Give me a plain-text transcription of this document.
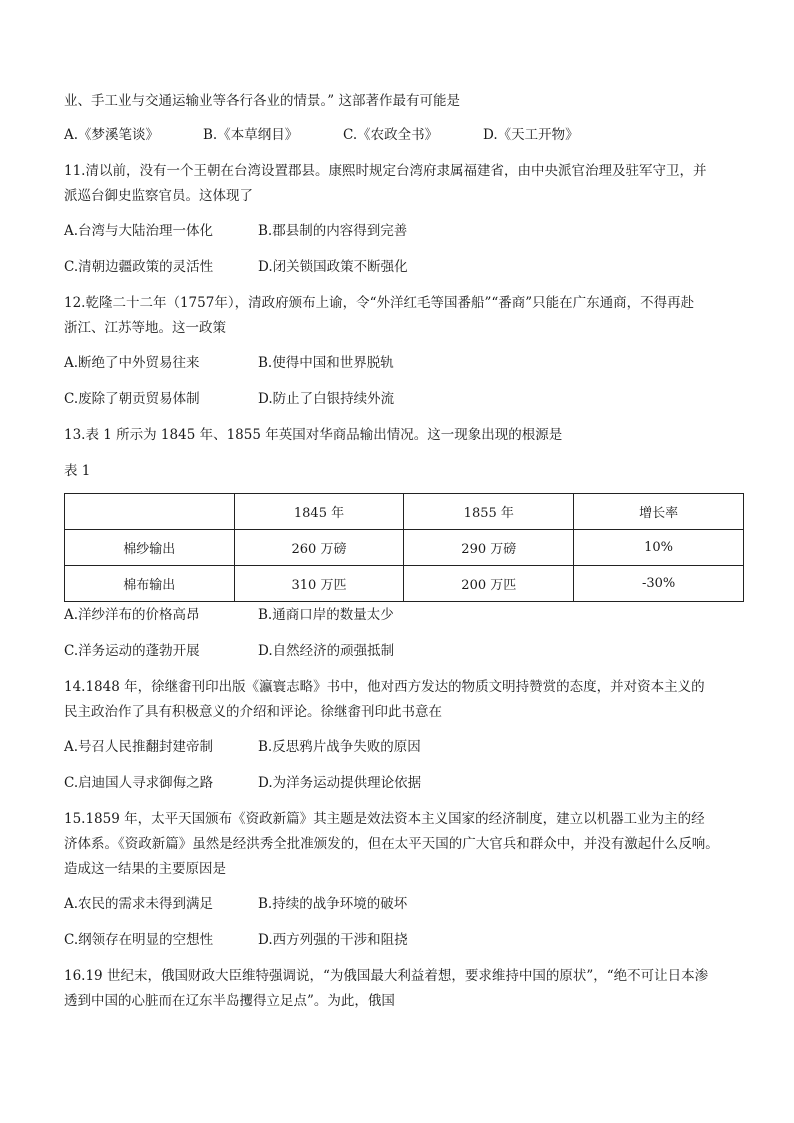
业、手工业与交通运输业等各行各业的情景。” 这部著作最有可能是
A.《梦溪笔谈》	B.《本草纲目》	C.《农政全书》	D.《天工开物》
11.清以前，没有一个王朝在台湾设置郡县。康熙时规定台湾府隶属福建省，由中央派官治理及驻军守卫，并
派巡台御史监察官员。这体现了
A.台湾与大陆治理一体化	B.郡县制的内容得到完善
C.清朝边疆政策的灵活性	D.闭关锁国政策不断强化
12.乾隆二十二年（1757年），清政府颁布上谕，令“外洋红毛等国番船”“番商”只能在广东通商，不得再赴
浙江、江苏等地。这一政策
A.断绝了中外贸易往来	B.使得中国和世界脱轨
C.废除了朝贡贸易体制	D.防止了白银持续外流
13.表 1 所示为 1845 年、1855 年英国对华商品输出情况。这一现象出现的根源是
表 1
	1845 年	1855 年	增长率
棉纱输出	260 万磅	290 万磅	10%
棉布输出	310 万匹	200 万匹	-30%
A.洋纱洋布的价格高昂	B.通商口岸的数量太少
C.洋务运动的蓬勃开展	D.自然经济的顽强抵制
14.1848 年，徐继畬刊印出版《瀛寰志略》书中，他对西方发达的物质文明持赞赏的态度，并对资本主义的
民主政治作了具有积极意义的介绍和评论。徐继畬刊印此书意在
A.号召人民推翻封建帝制	B.反思鸦片战争失败的原因
C.启迪国人寻求御侮之路	D.为洋务运动提供理论依据
15.1859 年，太平天国颁布《资政新篇》其主题是效法资本主义国家的经济制度，建立以机器工业为主的经
济体系。《资政新篇》虽然是经洪秀全批准颁发的，但在太平天国的广大官兵和群众中，并没有激起什么反响。
造成这一结果的主要原因是
A.农民的需求未得到满足	B.持续的战争环境的破坏
C.纲领存在明显的空想性	D.西方列强的干涉和阻挠
16.19 世纪末，俄国财政大臣维特强调说，“为俄国最大利益着想，要求维持中国的原状”，“绝不可让日本渗
透到中国的心脏而在辽东半岛攫得立足点”。为此，俄国
